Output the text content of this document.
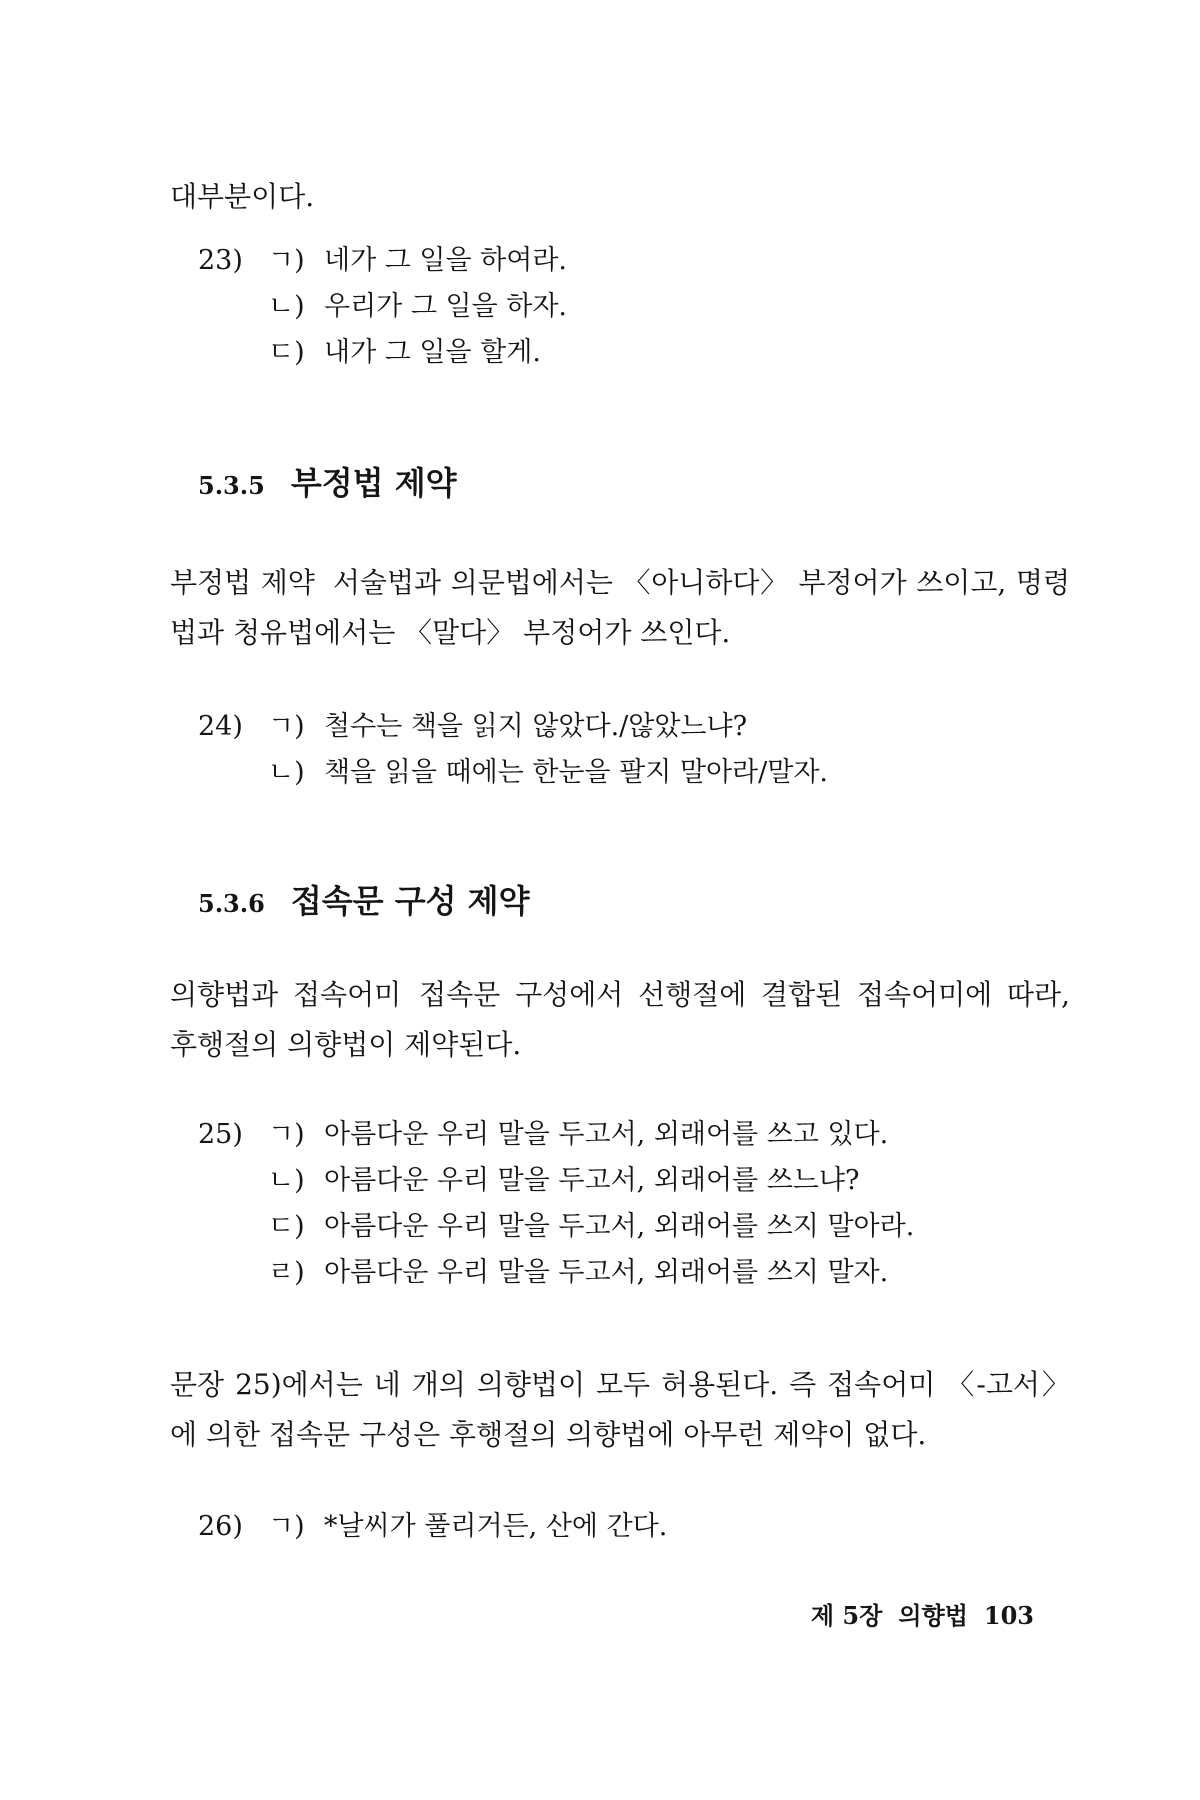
대부분이다.

23) ㄱ) 네가 그 일을 하여라.
ㄴ) 우리가 그 일을 하자.
ㄷ) 내가 그 일을 할게.
5.3.5 부정법 제약

부정법 제약 서술법과 의문법에서는 〈아니하다〉 부정어가 쓰이고, 명령법과 청유법에서는 〈말다〉 부정어가 쓰인다.

24) ㄱ) 철수는 책을 읽지 않았다./않았느냐?
ㄴ) 책을 읽을 때에는 한눈을 팔지 말아라/말자.
5.3.6 접속문 구성 제약

의향법과 접속어미 접속문 구성에서 선행절에 결합된 접속어미에 따라, 후행절의 의향법이 제약된다.

25) ㄱ) 아름다운 우리 말을 두고서, 외래어를 쓰고 있다.
ㄴ) 아름다운 우리 말을 두고서, 외래어를 쓰느냐?
ㄷ) 아름다운 우리 말을 두고서, 외래어를 쓰지 말아라.
ㄹ) 아름다운 우리 말을 두고서, 외래어를 쓰지 말자.

문장 25)에서는 네 개의 의향법이 모두 허용된다. 즉 접속어미 〈-고서〉에 의한 접속문 구성은 후행절의 의향법에 아무런 제약이 없다.

26) ㄱ) *날씨가 풀리거든, 산에 간다.
제 5장 의향법 103
